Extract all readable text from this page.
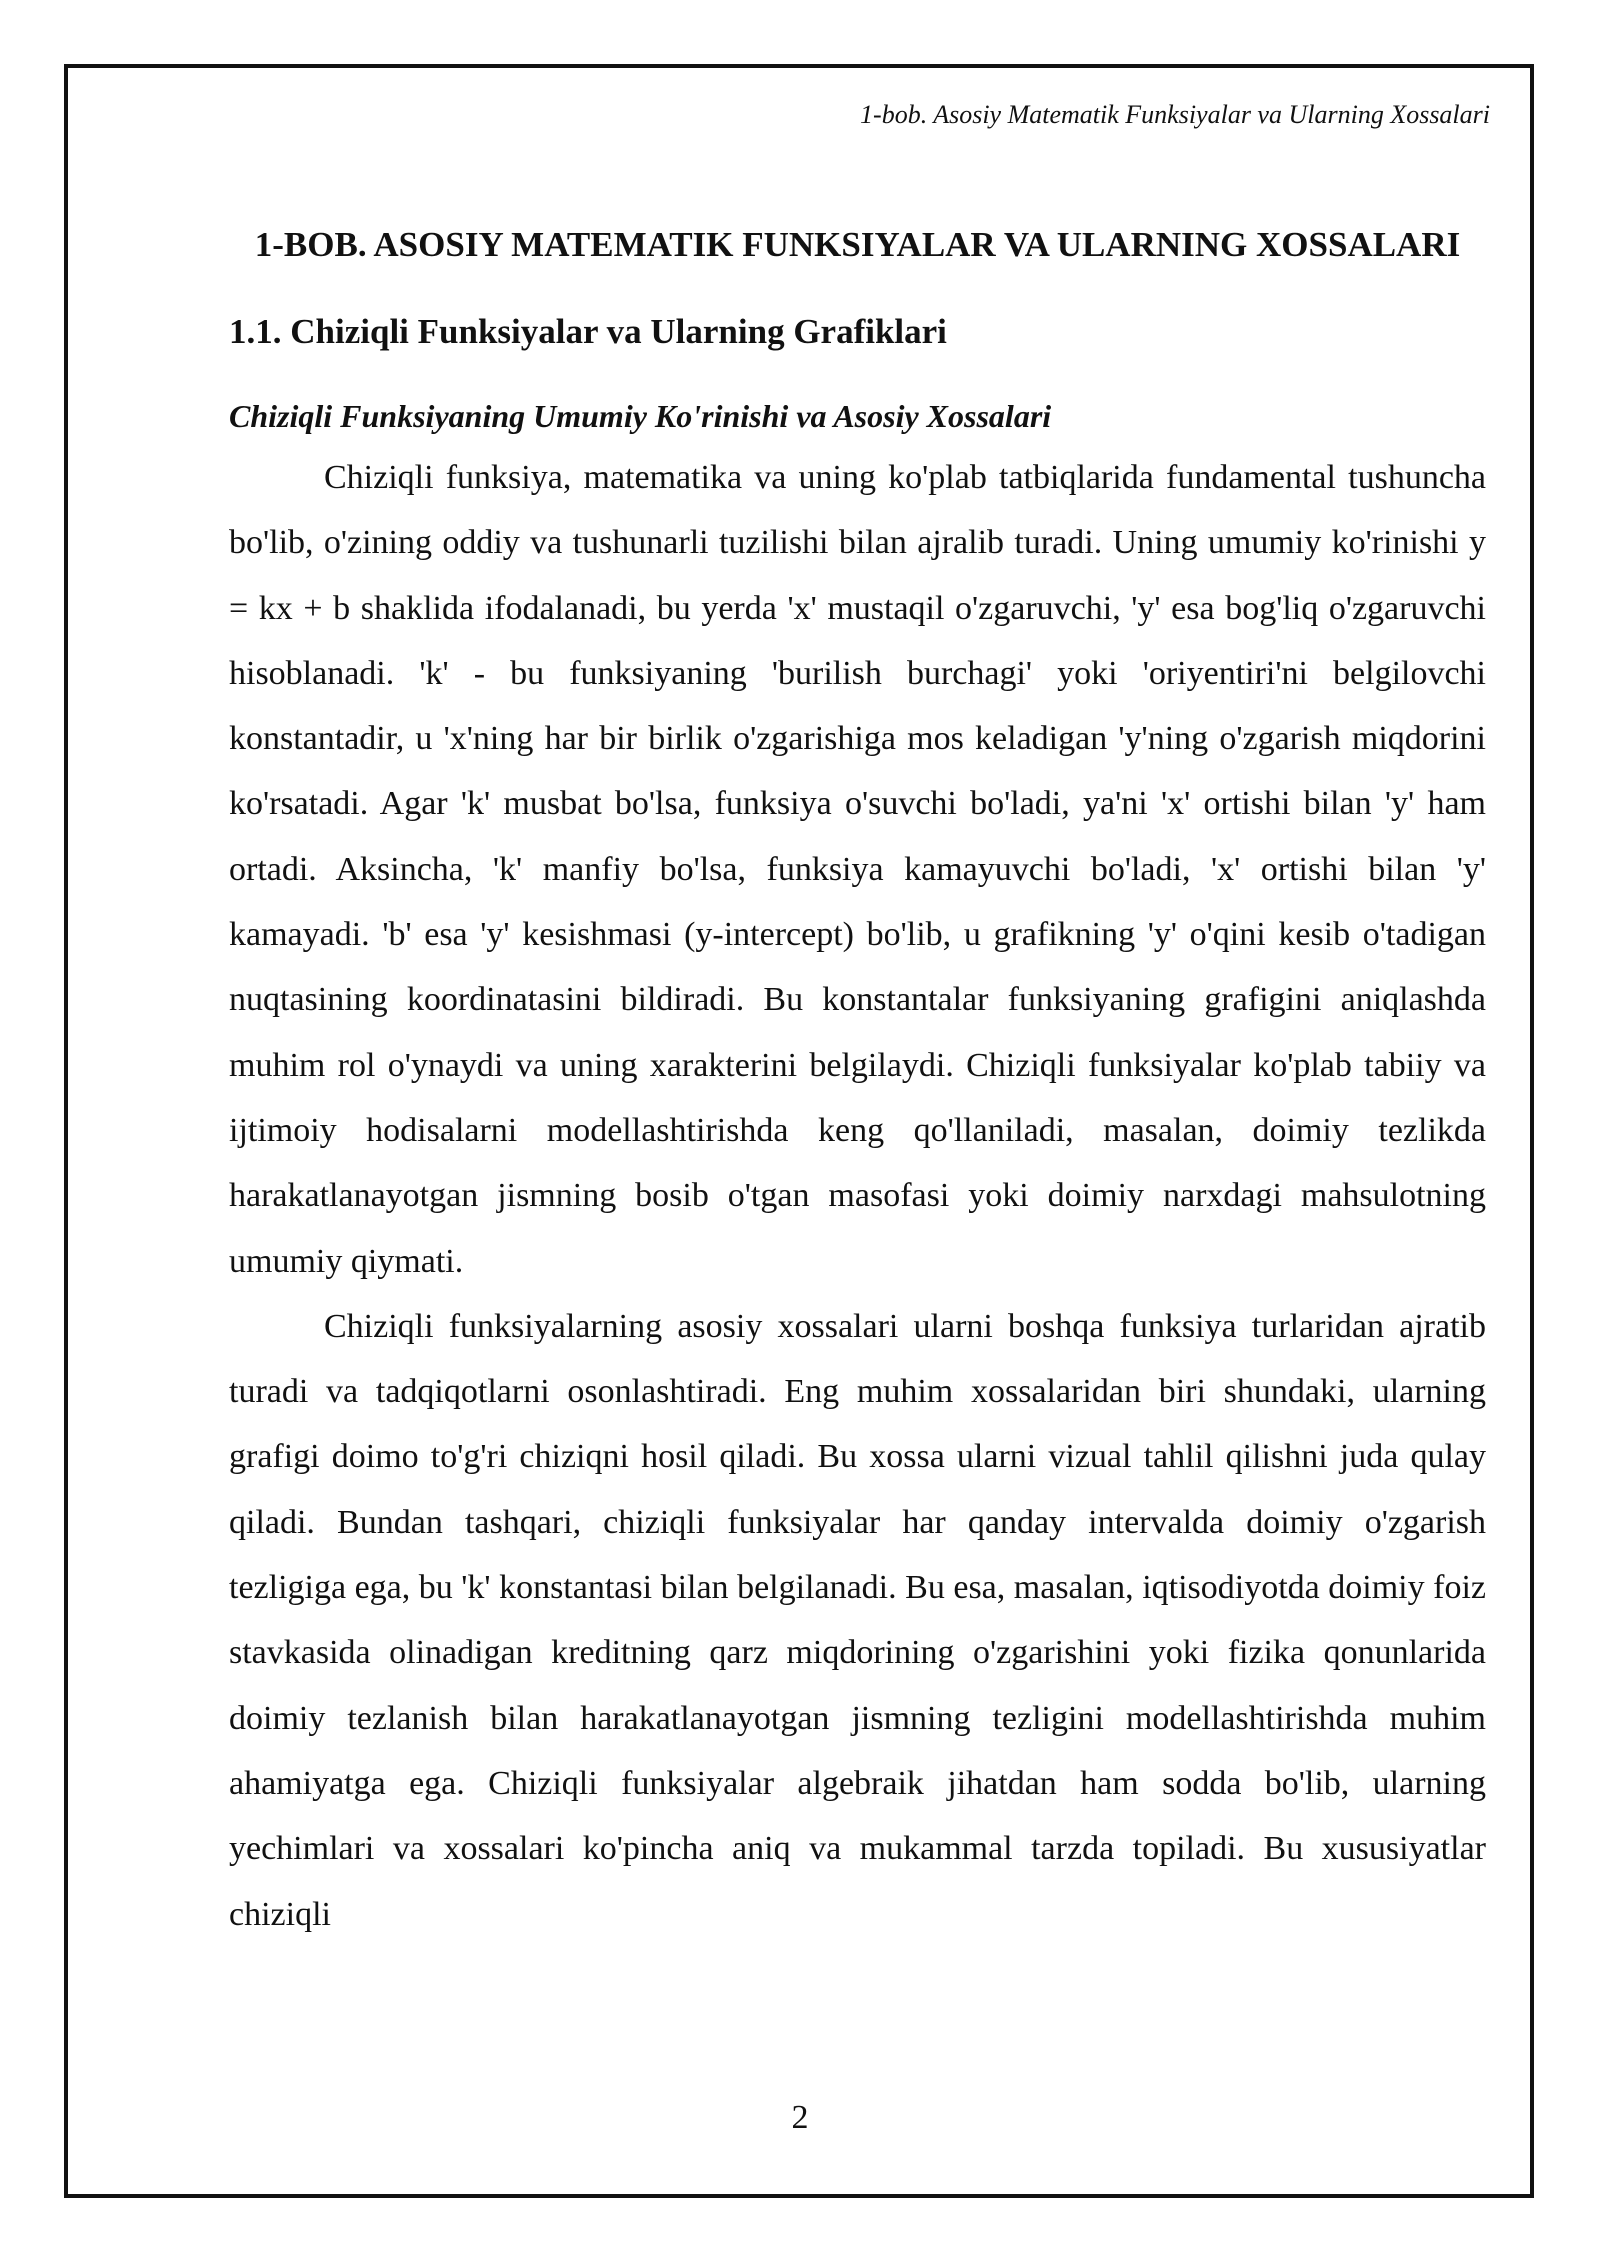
1-bob. Asosiy Matematik Funksiyalar va Ularning Xossalari
1-BOB. ASOSIY MATEMATIK FUNKSIYALAR VA ULARNING XOSSALARI
1.1. Chiziqli Funksiyalar va Ularning Grafiklari
Chiziqli Funksiyaning Umumiy Ko'rinishi va Asosiy Xossalari

Chiziqli funksiya, matematika va uning ko'plab tatbiqlarida fundamental tushuncha bo'lib, o'zining oddiy va tushunarli tuzilishi bilan ajralib turadi. Uning umumiy ko'rinishi y = kx + b shaklida ifodalanadi, bu yerda 'x' mustaqil o'zgaruvchi, 'y' esa bog'liq o'zgaruvchi hisoblanadi. 'k' - bu funksiyaning 'burilish burchagi' yoki 'oriyentiri'ni belgilovchi konstantadir, u 'x'ning har bir birlik o'zgarishiga mos keladigan 'y'ning o'zgarish miqdorini ko'rsatadi. Agar 'k' musbat bo'lsa, funksiya o'suvchi bo'ladi, ya'ni 'x' ortishi bilan 'y' ham ortadi. Aksincha, 'k' manfiy bo'lsa, funksiya kamayuvchi bo'ladi, 'x' ortishi bilan 'y' kamayadi. 'b' esa 'y' kesishmasi (y-intercept) bo'lib, u grafikning 'y' o'qini kesib o'tadigan nuqtasining koordinatasini bildiradi. Bu konstantalar funksiyaning grafigini aniqlashda muhim rol o'ynaydi va uning xarakterini belgilaydi. Chiziqli funksiyalar ko'plab tabiiy va ijtimoiy hodisalarni modellashtirishda keng qo'llaniladi, masalan, doimiy tezlikda harakatlanayotgan jismning bosib o'tgan masofasi yoki doimiy narxdagi mahsulotning umumiy qiymati.

Chiziqli funksiyalarning asosiy xossalari ularni boshqa funksiya turlaridan ajratib turadi va tadqiqotlarni osonlashtiradi. Eng muhim xossalaridan biri shundaki, ularning grafigi doimo to'g'ri chiziqni hosil qiladi. Bu xossa ularni vizual tahlil qilishni juda qulay qiladi. Bundan tashqari, chiziqli funksiyalar har qanday intervalda doimiy o'zgarish tezligiga ega, bu 'k' konstantasi bilan belgilanadi. Bu esa, masalan, iqtisodiyotda doimiy foiz stavkasida olinadigan kreditning qarz miqdorining o'zgarishini yoki fizika qonunlarida doimiy tezlanish bilan harakatlanayotgan jismning tezligini modellashtirishda muhim ahamiyatga ega. Chiziqli funksiyalar algebraik jihatdan ham sodda bo'lib, ularning yechimlari va xossalari ko'pincha aniq va mukammal tarzda topiladi. Bu xususiyatlar chiziqli

2
